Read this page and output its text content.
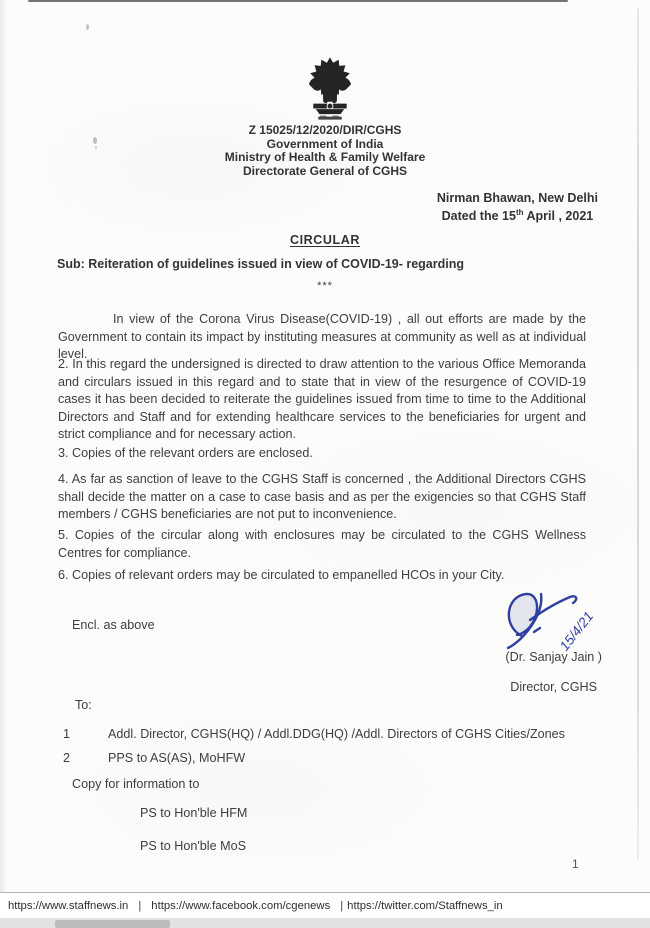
Z 15025/12/2020/DIR/CGHS
Government of India
Ministry of Health & Family Welfare
Directorate General of CGHS
Nirman Bhawan, New Delhi
Dated the 15th April , 2021
CIRCULAR
Sub: Reiteration of guidelines issued in view of COVID-19- regarding
***
In view of the Corona Virus Disease(COVID-19) , all out efforts are made by the Government to contain its impact by instituting measures at community as well as at individual level.
2. In this regard the undersigned is directed to draw attention to the various Office Memoranda and circulars issued in this regard and to state that in view of the resurgence of COVID-19 cases it has been decided to reiterate the guidelines issued from time to time to the Additional Directors and Staff and for extending healthcare services to the beneficiaries for urgent and strict compliance and for necessary action.
3. Copies of the relevant orders are enclosed.
4. As far as sanction of leave to the CGHS Staff is concerned , the Additional Directors CGHS shall decide the matter on a case to case basis and as per the exigencies so that CGHS Staff members / CGHS beneficiaries are not put to inconvenience.
5. Copies of the circular along with enclosures may be circulated to the CGHS Wellness Centres for compliance.
6. Copies of relevant orders may be circulated to empanelled HCOs in your City.
Encl. as above	15/4/21
(Dr. Sanjay Jain )
Director, CGHS
To:
1	Addl. Director, CGHS(HQ) / Addl.DDG(HQ) /Addl. Directors of CGHS Cities/Zones
2	PPS to AS(AS), MoHFW
Copy for information to
PS to Hon'ble HFM
PS to Hon'ble MoS
1
https://www.staffnews.in | https://www.facebook.com/cgenews | https://twitter.com/Staffnews_in
